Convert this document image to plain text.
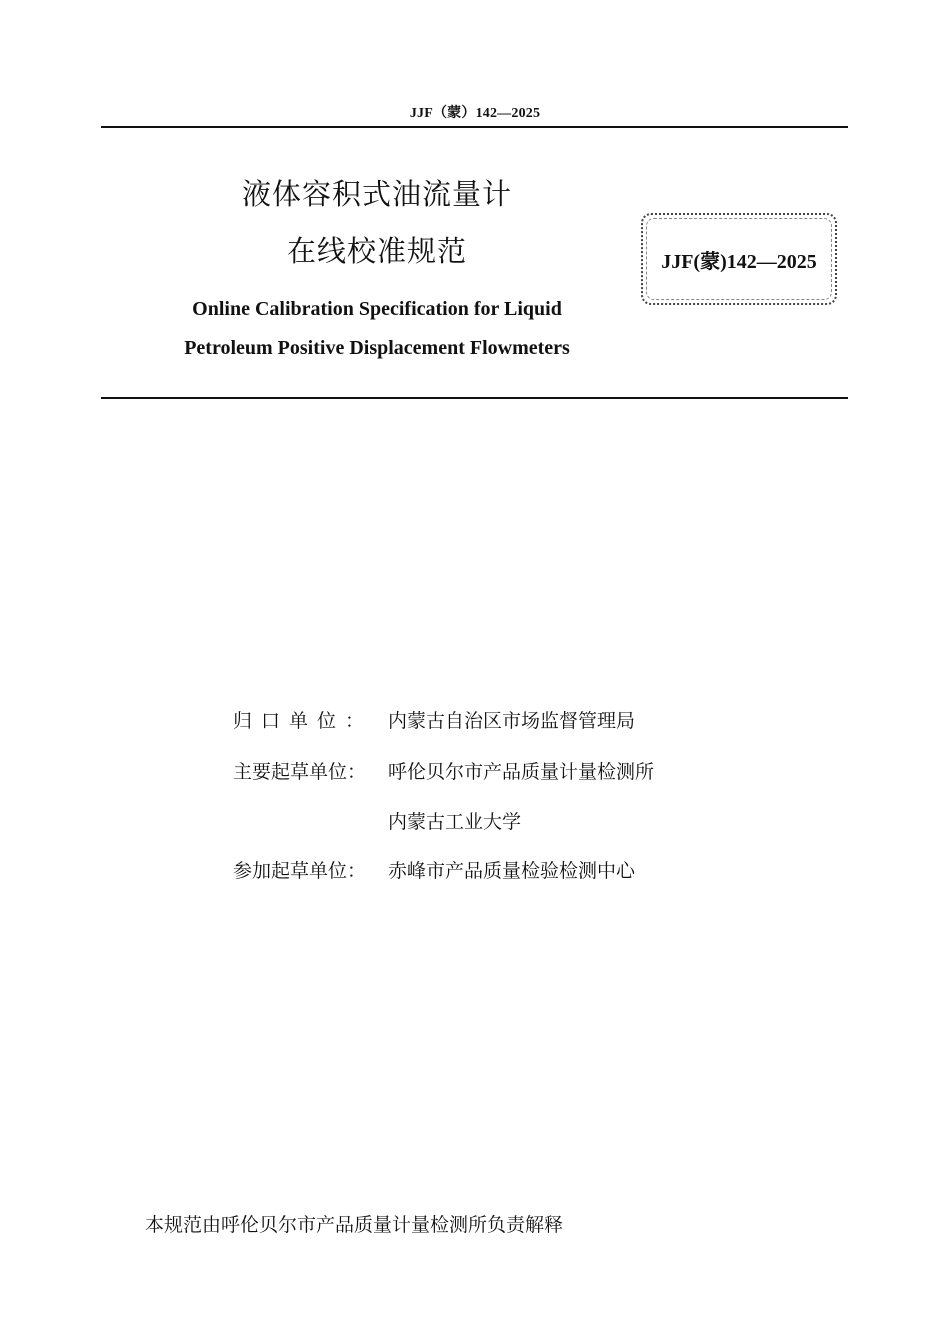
JJF（蒙）142—2025
液体容积式油流量计
在线校准规范
Online Calibration Specification for Liquid
Petroleum Positive Displacement Flowmeters
JJF(蒙)142—2025
归口单位： 内蒙古自治区市场监督管理局
主要起草单位：	呼伦贝尔市产品质量计量检测所
内蒙古工业大学
参加起草单位：	赤峰市产品质量检验检测中心
本规范由呼伦贝尔市产品质量计量检测所负责解释
